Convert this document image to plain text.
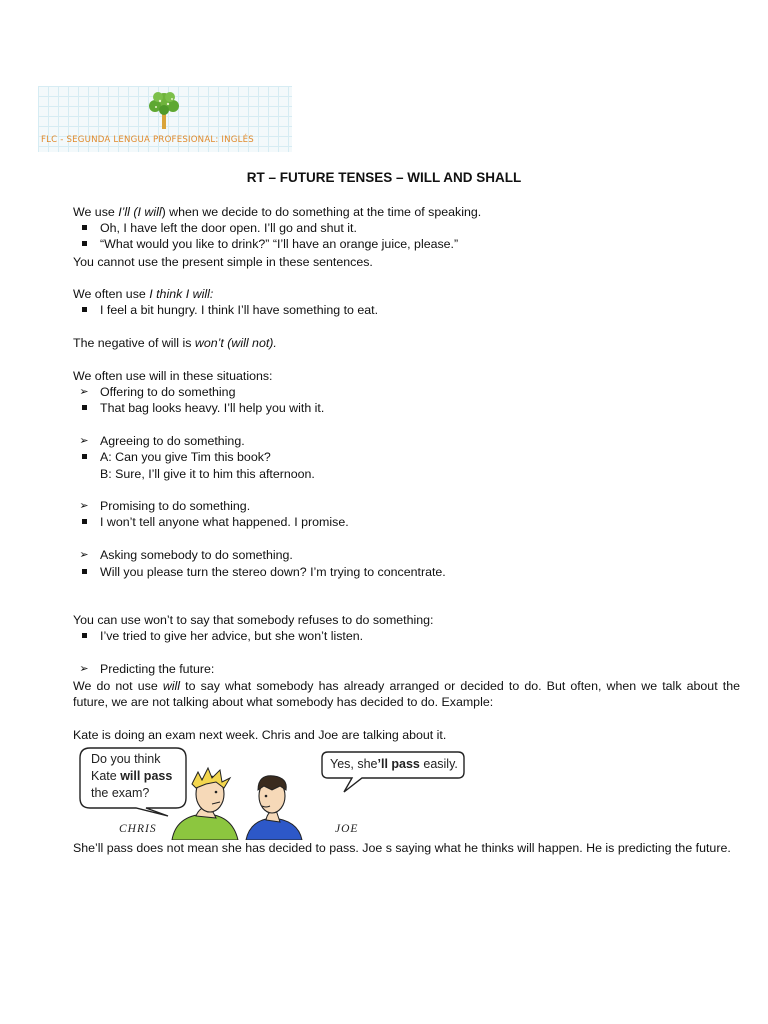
FLC - SEGUNDA LENGUA PROFESIONAL: INGLÉS
RT – FUTURE TENSES – WILL AND SHALL
We use I’ll (I will) when we decide to do something at the time of speaking.
Oh, I have left the door open. I’ll go and shut it.
“What would you like to drink?” “I’ll have an orange juice, please.”
You cannot use the present simple in these sentences.
We often use I think I will:
I feel a bit hungry. I think I’ll have something to eat.
The negative of will is won’t (will not).
We often use will in these situations:
➢ Offering to do something
That bag looks heavy. I’ll help you with it.
➢ Agreeing to do something.
A: Can you give Tim this book?
B: Sure, I’ll give it to him this afternoon.
➢ Promising to do something.
I won’t tell anyone what happened. I promise.
➢ Asking somebody to do something.
Will you please turn the stereo down? I’m trying to concentrate.
You can use won’t to say that somebody refuses to do something:
I’ve tried to give her advice, but she won’t listen.
➢ Predicting the future:
We do not use will to say what somebody has already arranged or decided to do. But often, when we talk about the future, we are not talking about what somebody has decided to do. Example:
Kate is doing an exam next week. Chris and Joe are talking about it.
Do you think
Kate will pass
the exam?
Yes, she’ll pass easily.
CHRIS	JOE
She’ll pass does not mean she has decided to pass. Joe s saying what he thinks will happen. He is predicting the future.
